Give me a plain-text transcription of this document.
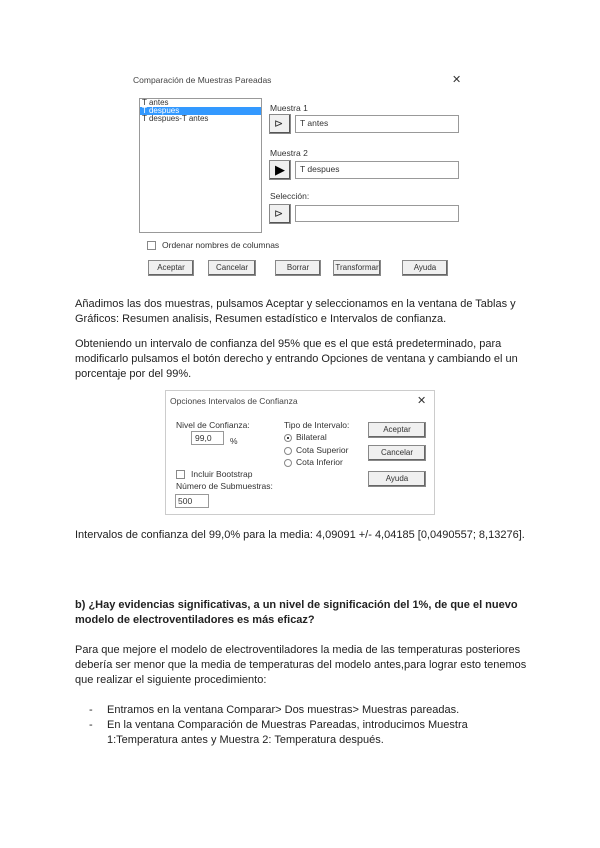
Comparación de Muestras Pareadas	✕
T antes
T despues
T despues-T antes
Muestra 1
⊳	T antes
Muestra 2
▶	T despues
Selección:
⊳
Ordenar nombres de columnas
Aceptar	Cancelar	Borrar	Transformar	Ayuda
Añadimos las dos muestras, pulsamos Aceptar y seleccionamos en la ventana de Tablas y Gráficos: Resumen analisis, Resumen estadístico e Intervalos de confianza.
Obteniendo un intervalo de confianza del 95% que es el que está predeterminado, para modificarlo pulsamos el botón derecho y entrando Opciones de ventana y cambiando el un porcentaje por del 99%.
Opciones Intervalos de Confianza	✕
Nivel de Confianza:
99,0	%
Tipo de Intervalo:
Bilateral
Cota Superior
Cota Inferior
Aceptar
Cancelar
Ayuda
Incluir Bootstrap
Número de Submuestras:
500
Intervalos de confianza del 99,0% para la media: 4,09091 +/- 4,04185 [0,0490557; 8,13276].
b) ¿Hay evidencias significativas, a un nivel de significación del 1%, de que el nuevo modelo de electroventiladores es más eficaz?
Para que mejore el modelo de electroventiladores la media de las temperaturas posteriores debería ser menor que la media de temperaturas del modelo antes,para lograr esto tenemos que realizar el siguiente procedimiento:
- Entramos en la ventana Comparar> Dos muestras> Muestras pareadas.
- En la ventana Comparación de Muestras Pareadas, introducimos Muestra 1:Temperatura antes y Muestra 2: Temperatura después.
